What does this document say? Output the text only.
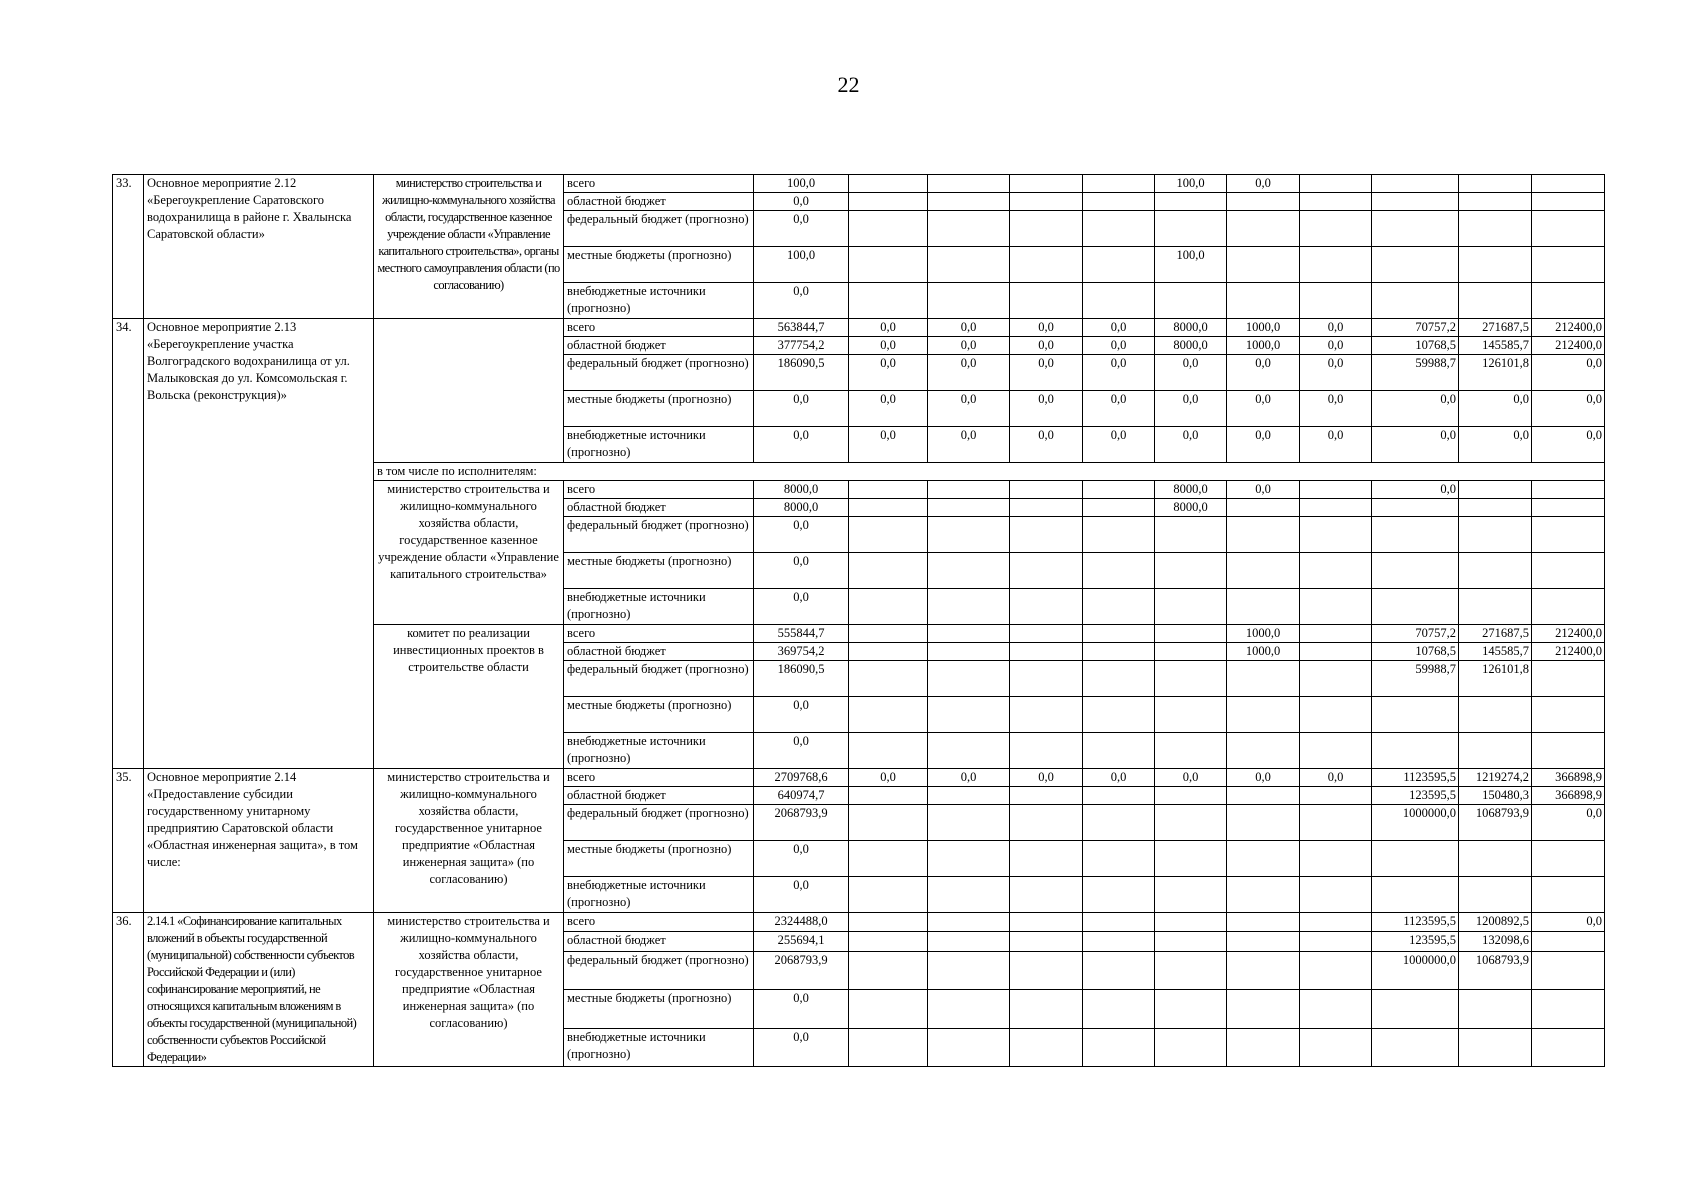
22
33.	Основное мероприятие 2.12 «Берегоукрепление Саратовского водохранилища в районе г. Хвалынска Саратовской области»	министерство строительства и жилищно-коммунального хозяйства области, государственное казенное учреждение области «Управление капитального строительства», органы местного самоуправления области (по согласованию)	всего	100,0					100,0	0,0				
			областной бюджет	0,0										
			федеральный бюджет (прогнозно)	0,0										
			местные бюджеты (прогнозно)	100,0					100,0					
			внебюджетные источники (прогнозно)	0,0										
34.	Основное мероприятие 2.13 «Берегоукрепление участка Волгоградского водохранилища от ул. Малыковская до ул. Комсомольская г. Вольска (реконструкция)»		всего	563844,7	0,0	0,0	0,0	0,0	8000,0	1000,0	0,0	70757,2	271687,5	212400,0
			областной бюджет	377754,2	0,0	0,0	0,0	0,0	8000,0	1000,0	0,0	10768,5	145585,7	212400,0
			федеральный бюджет (прогнозно)	186090,5	0,0	0,0	0,0	0,0	0,0	0,0	0,0	59988,7	126101,8	0,0
			местные бюджеты (прогнозно)	0,0	0,0	0,0	0,0	0,0	0,0	0,0	0,0	0,0	0,0	0,0
			внебюджетные источники (прогнозно)	0,0	0,0	0,0	0,0	0,0	0,0	0,0	0,0	0,0	0,0	0,0
		в том числе по исполнителям:												
		министерство строительства и жилищно-коммунального хозяйства области, государственное казенное учреждение области «Управление капитального строительства»	всего	8000,0					8000,0	0,0		0,0		
			областной бюджет	8000,0					8000,0					
			федеральный бюджет (прогнозно)	0,0										
			местные бюджеты (прогнозно)	0,0										
			внебюджетные источники (прогнозно)	0,0										
		комитет по реализации инвестиционных проектов в строительстве области	всего	555844,7						1000,0		70757,2	271687,5	212400,0
			областной бюджет	369754,2						1000,0		10768,5	145585,7	212400,0
			федеральный бюджет (прогнозно)	186090,5								59988,7	126101,8	
			местные бюджеты (прогнозно)	0,0										
			внебюджетные источники (прогнозно)	0,0										
35.	Основное мероприятие 2.14 «Предоставление субсидии государственному унитарному предприятию Саратовской области «Областная инженерная защита», в том числе:	министерство строительства и жилищно-коммунального хозяйства области, государственное унитарное предприятие «Областная инженерная защита» (по согласованию)	всего	2709768,6	0,0	0,0	0,0	0,0	0,0	0,0	0,0	1123595,5	1219274,2	366898,9
			областной бюджет	640974,7								123595,5	150480,3	366898,9
			федеральный бюджет (прогнозно)	2068793,9								1000000,0	1068793,9	0,0
			местные бюджеты (прогнозно)	0,0										
			внебюджетные источники (прогнозно)	0,0										
36.	2.14.1 «Софинансирование капитальных вложений в объекты государственной (муниципальной) собственности субъектов Российской Федерации и (или) софинансирование мероприятий, не относящихся капитальным вложениям в объекты государственной (муниципальной) собственности субъектов Российской Федерации»	министерство строительства и жилищно-коммунального хозяйства области, государственное унитарное предприятие «Областная инженерная защита» (по согласованию)	всего	2324488,0								1123595,5	1200892,5	0,0
			областной бюджет	255694,1								123595,5	132098,6	
			федеральный бюджет (прогнозно)	2068793,9								1000000,0	1068793,9	
			местные бюджеты (прогнозно)	0,0										
			внебюджетные источники (прогнозно)	0,0										
